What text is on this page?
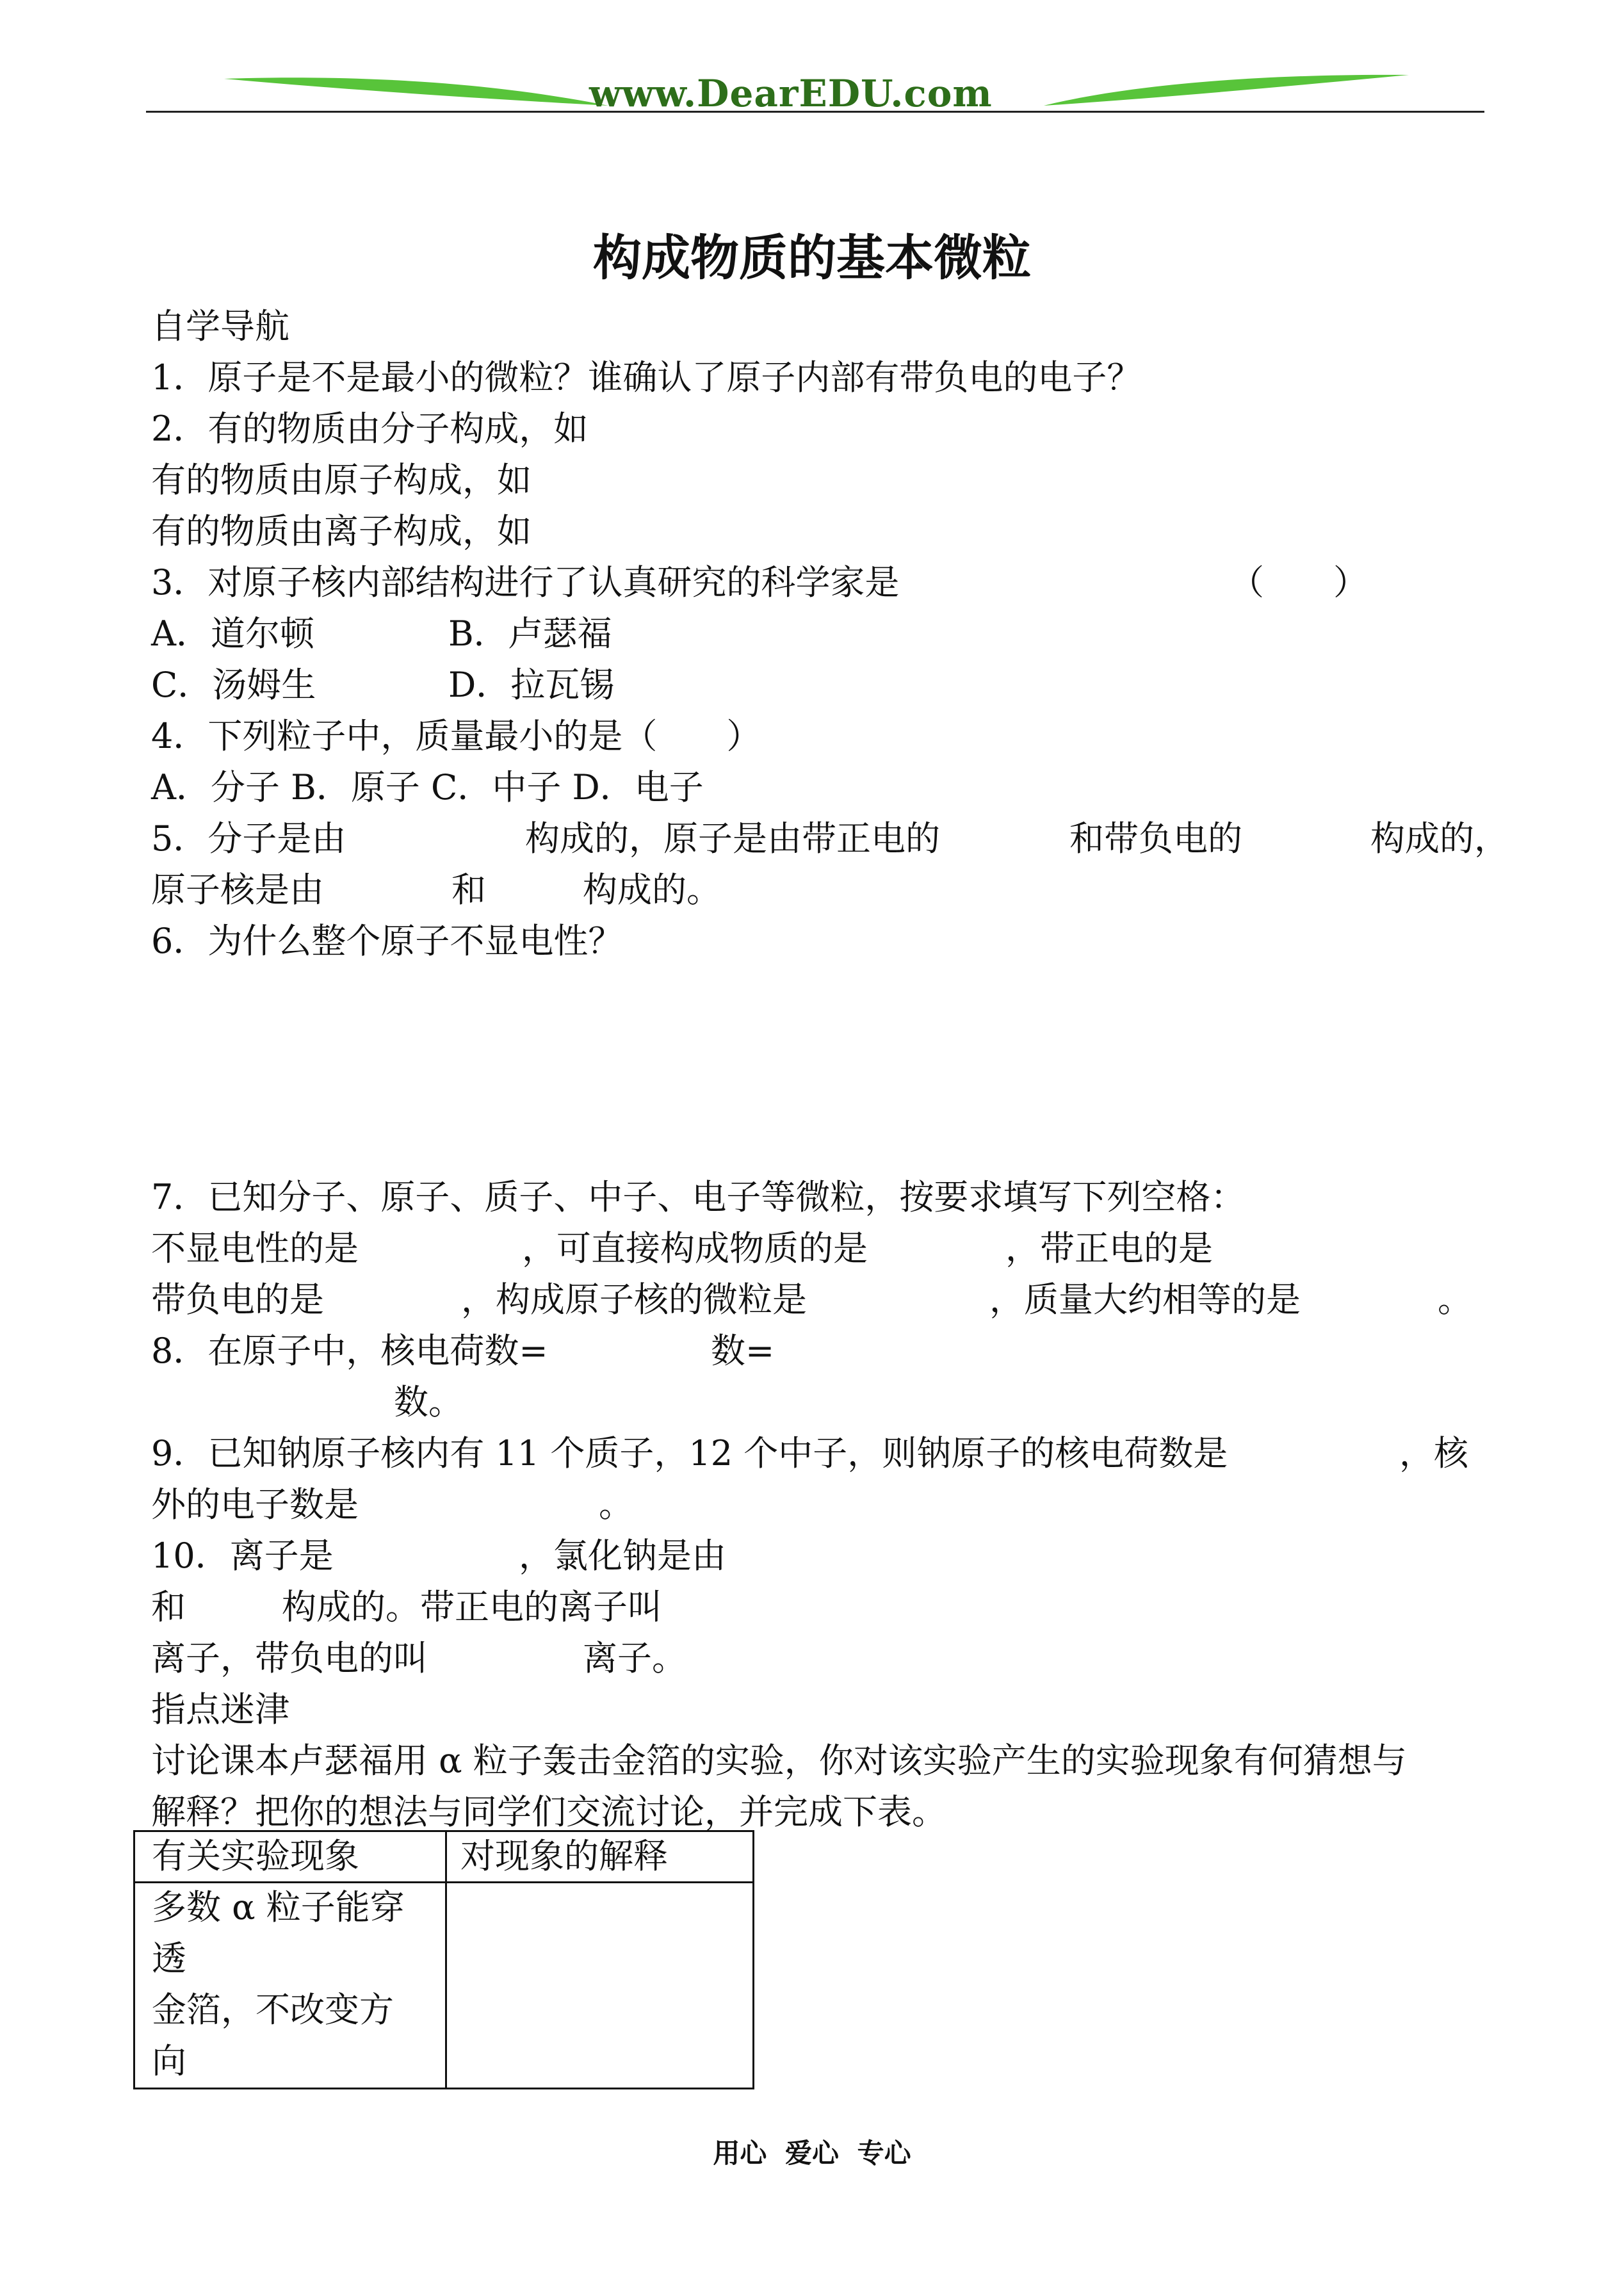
www.DearEDU.com
构成物质的基本微粒
自学导航
1．原子是不是最小的微粒？谁确认了原子内部有带负电的电子？
2．有的物质由分子构成，如
有的物质由原子构成，如
有的物质由离子构成，如
3．对原子核内部结构进行了认真研究的科学家是	（　　）
A．道尔顿	B．卢瑟福
C．汤姆生	D．拉瓦锡
4．下列粒子中，质量最小的是（　　）
A．分子 B．原子 C．中子 D．电子
5．分子是由	构成的，原子是由带正电的	和带负电的	构成的，
原子核是由	和	构成的。
6．为什么整个原子不显电性？
7．已知分子、原子、质子、中子、电子等微粒，按要求填写下列空格：
不显电性的是	，可直接构成物质的是	，带正电的是
带负电的是	，构成原子核的微粒是	，质量大约相等的是	。
8．在原子中，核电荷数=	数=
数。
9．已知钠原子核内有 11 个质子，12 个中子，则钠原子的核电荷数是	，核
外的电子数是	。
10．离子是	，氯化钠是由
和	构成的。带正电的离子叫
离子，带负电的叫	离子。
指点迷津
讨论课本卢瑟福用 α 粒子轰击金箔的实验，你对该实验产生的实验现象有何猜想与
解释？把你的想法与同学们交流讨论，并完成下表。
有关实验现象	对现象的解释
多数 α 粒子能穿
透
金箔，不改变方
向
用心 爱心 专心
